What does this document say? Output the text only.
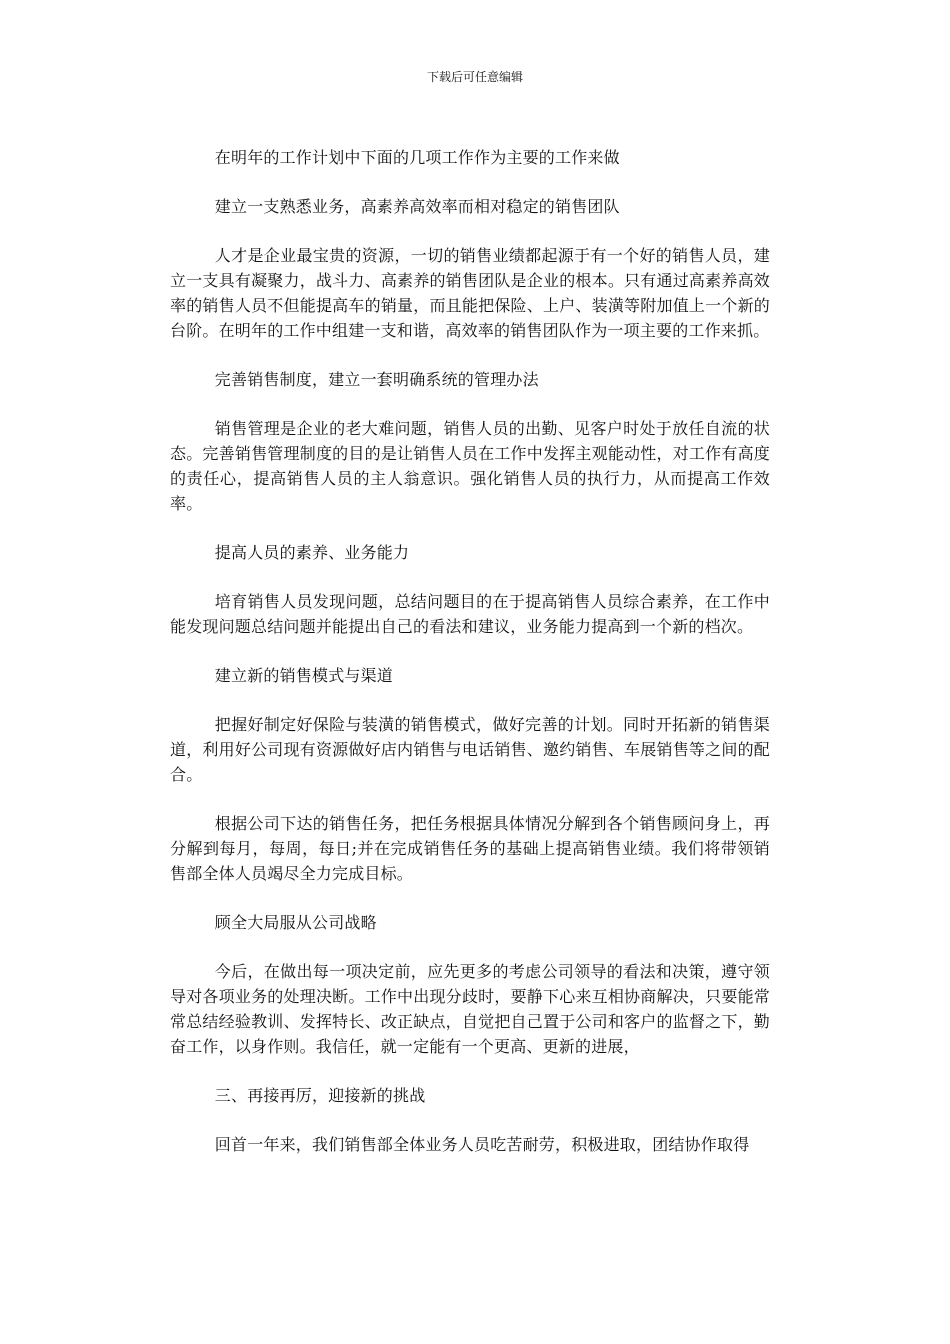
下载后可任意编辑

在明年的工作计划中下面的几项工作作为主要的工作来做

建立一支熟悉业务，高素养高效率而相对稳定的销售团队

人才是企业最宝贵的资源，一切的销售业绩都起源于有一个好的销售人员，建立一支具有凝聚力，战斗力、高素养的销售团队是企业的根本。只有通过高素养高效率的销售人员不但能提高车的销量，而且能把保险、上户、装潢等附加值上一个新的台阶。在明年的工作中组建一支和谐，高效率的销售团队作为一项主要的工作来抓。

完善销售制度，建立一套明确系统的管理办法

销售管理是企业的老大难问题，销售人员的出勤、见客户时处于放任自流的状态。完善销售管理制度的目的是让销售人员在工作中发挥主观能动性，对工作有高度的责任心，提高销售人员的主人翁意识。强化销售人员的执行力，从而提高工作效率。

提高人员的素养、业务能力

培育销售人员发现问题，总结问题目的在于提高销售人员综合素养，在工作中能发现问题总结问题并能提出自己的看法和建议，业务能力提高到一个新的档次。

建立新的销售模式与渠道

把握好制定好保险与装潢的销售模式，做好完善的计划。同时开拓新的销售渠道，利用好公司现有资源做好店内销售与电话销售、邀约销售、车展销售等之间的配合。

根据公司下达的销售任务，把任务根据具体情况分解到各个销售顾问身上，再分解到每月，每周，每日;并在完成销售任务的基础上提高销售业绩。我们将带领销售部全体人员竭尽全力完成目标。

顾全大局服从公司战略

今后，在做出每一项决定前，应先更多的考虑公司领导的看法和决策，遵守领导对各项业务的处理决断。工作中出现分歧时，要静下心来互相协商解决，只要能常常总结经验教训、发挥特长、改正缺点，自觉把自己置于公司和客户的监督之下，勤奋工作，以身作则。我信任，就一定能有一个更高、更新的进展，

三、再接再厉，迎接新的挑战

回首一年来，我们销售部全体业务人员吃苦耐劳，积极进取，团结协作取得
